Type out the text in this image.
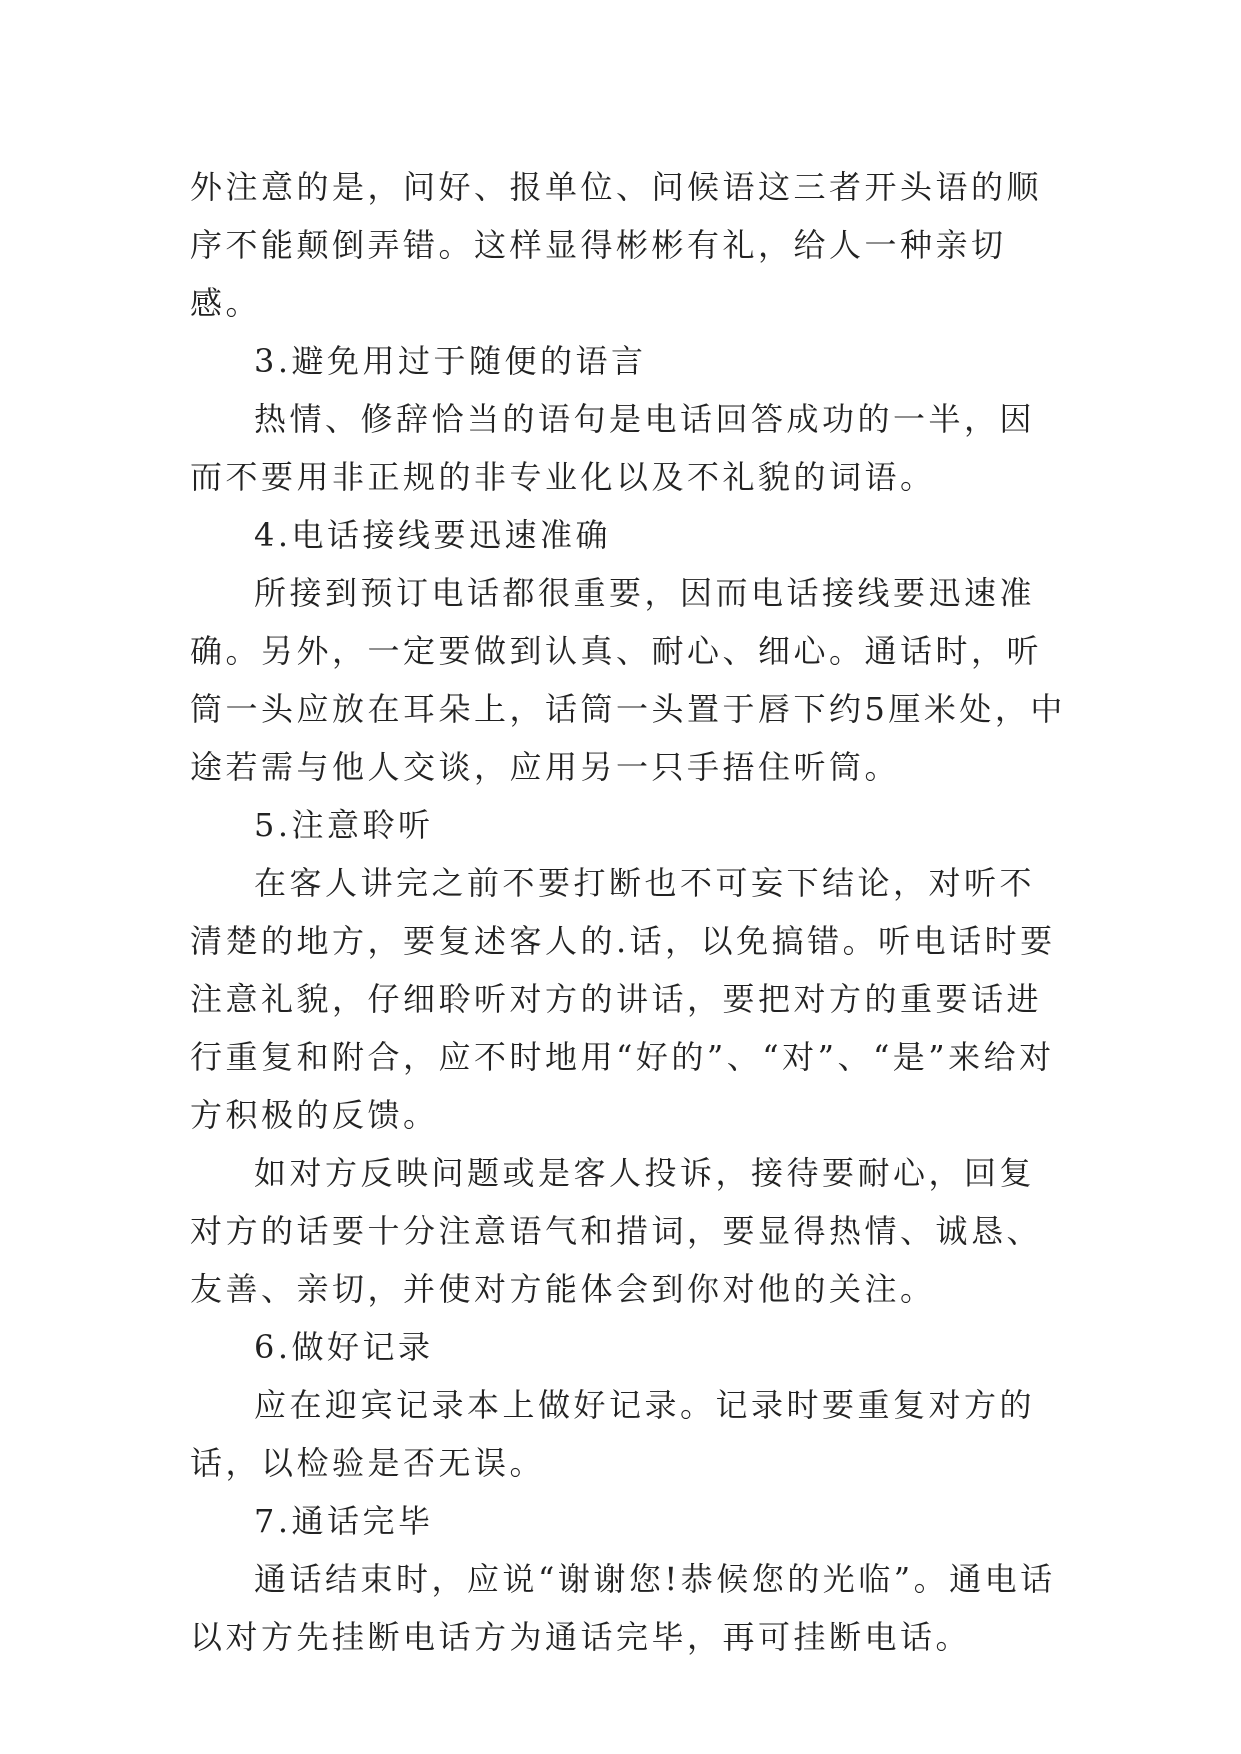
外注意的是，问好、报单位、问候语这三者开头语的顺序不能颠倒弄错。这样显得彬彬有礼，给人一种亲切感。

3.避免用过于随便的语言

热情、修辞恰当的语句是电话回答成功的一半，因而不要用非正规的非专业化以及不礼貌的词语。

4.电话接线要迅速准确

所接到预订电话都很重要，因而电话接线要迅速准确。另外，一定要做到认真、耐心、细心。通话时，听筒一头应放在耳朵上，话筒一头置于唇下约5厘米处，中途若需与他人交谈，应用另一只手捂住听筒。

5.注意聆听

在客人讲完之前不要打断也不可妄下结论，对听不清楚的地方，要复述客人的.话，以免搞错。听电话时要注意礼貌，仔细聆听对方的讲话，要把对方的重要话进行重复和附合，应不时地用“好的”、“对”、“是”来给对方积极的反馈。

如对方反映问题或是客人投诉，接待要耐心，回复对方的话要十分注意语气和措词，要显得热情、诚恳、友善、亲切，并使对方能体会到你对他的关注。

6.做好记录

应在迎宾记录本上做好记录。记录时要重复对方的话，以检验是否无误。

7.通话完毕

通话结束时，应说“谢谢您!恭候您的光临”。通电话以对方先挂断电话方为通话完毕，再可挂断电话。
